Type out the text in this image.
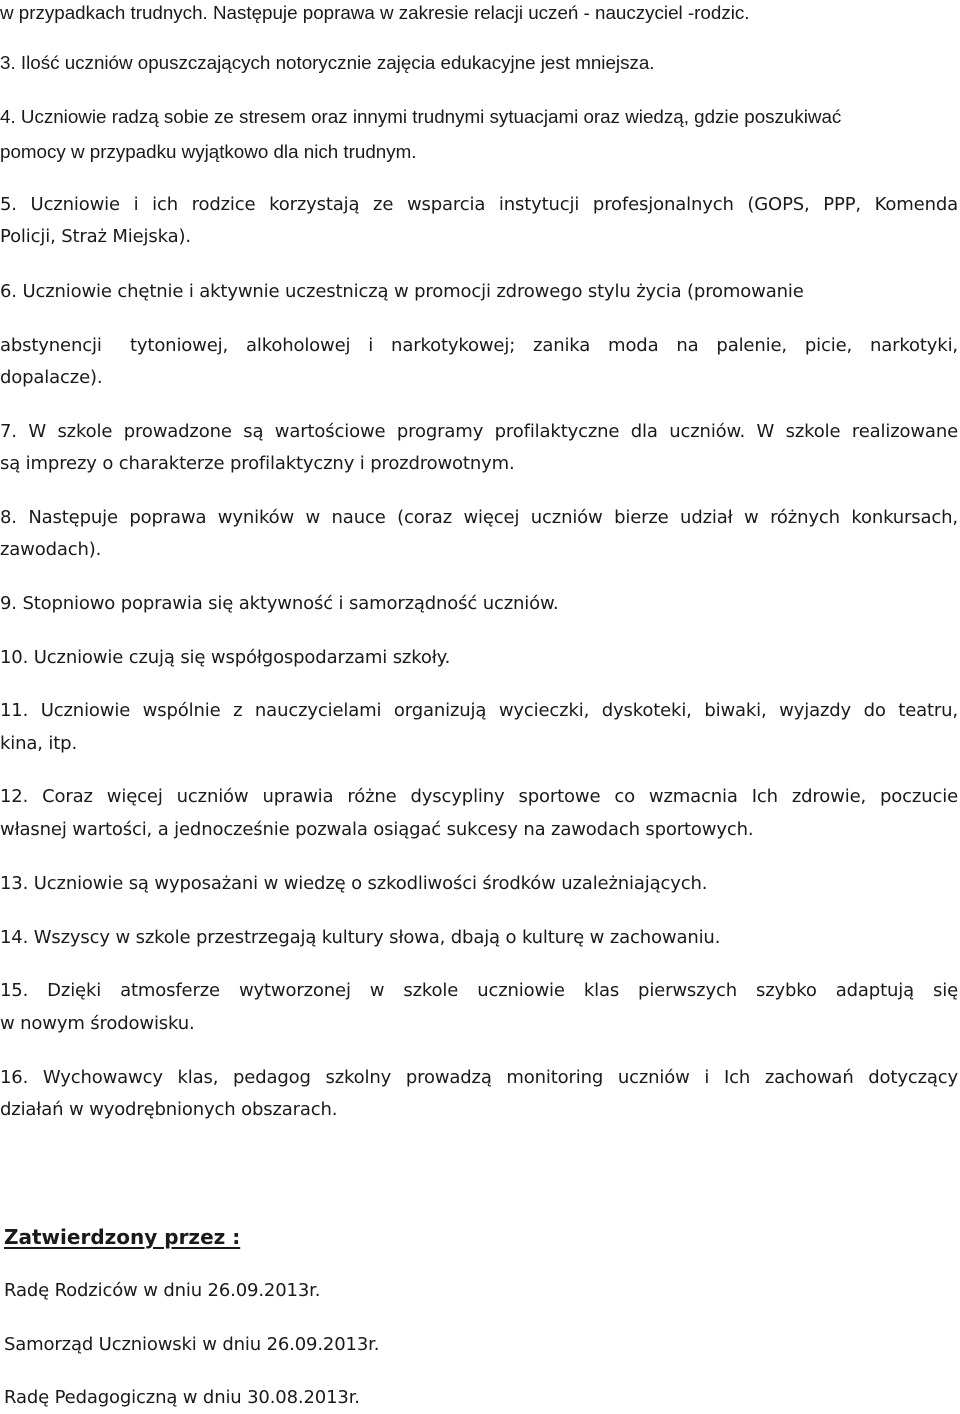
w przypadkach trudnych. Następuje poprawa w zakresie relacji uczeń - nauczyciel -rodzic.
3. Ilość uczniów opuszczających notorycznie zajęcia edukacyjne jest mniejsza.
4. Uczniowie radzą sobie ze stresem oraz innymi trudnymi sytuacjami oraz wiedzą, gdzie poszukiwać
pomocy w przypadku wyjątkowo dla nich trudnym.
5. Uczniowie i ich rodzice korzystają ze wsparcia instytucji profesjonalnych (GOPS, PPP, Komenda
Policji, Straż Miejska).
6. Uczniowie chętnie i aktywnie uczestniczą w promocji zdrowego stylu życia (promowanie
abstynencji	tytoniowej, alkoholowej i narkotykowej; zanika moda na palenie, picie, narkotyki,
dopalacze).
7. W szkole prowadzone są wartościowe programy profilaktyczne dla uczniów. W szkole realizowane
są imprezy o charakterze profilaktyczny i prozdrowotnym.
8. Następuje poprawa wyników w nauce (coraz więcej uczniów bierze udział w różnych konkursach,
zawodach).
9. Stopniowo poprawia się aktywność i samorządność uczniów.
10. Uczniowie czują się współgospodarzami szkoły.
11. Uczniowie wspólnie z nauczycielami organizują wycieczki, dyskoteki, biwaki, wyjazdy do teatru,
kina, itp.
12. Coraz więcej uczniów uprawia różne dyscypliny sportowe co wzmacnia Ich zdrowie, poczucie
własnej wartości, a jednocześnie pozwala osiągać sukcesy na zawodach sportowych.
13. Uczniowie są wyposażani w wiedzę o szkodliwości środków uzależniających.
14. Wszyscy w szkole przestrzegają kultury słowa, dbają o kulturę w zachowaniu.
15. Dzięki atmosferze wytworzonej w szkole uczniowie klas pierwszych szybko adaptują się
w nowym środowisku.
16. Wychowawcy klas, pedagog szkolny prowadzą monitoring uczniów i Ich zachowań dotyczący
działań w wyodrębnionych obszarach.
Zatwierdzony przez :
Radę Rodziców w dniu 26.09.2013r.
Samorząd Uczniowski w dniu 26.09.2013r.
Radę Pedagogiczną w dniu 30.08.2013r.
